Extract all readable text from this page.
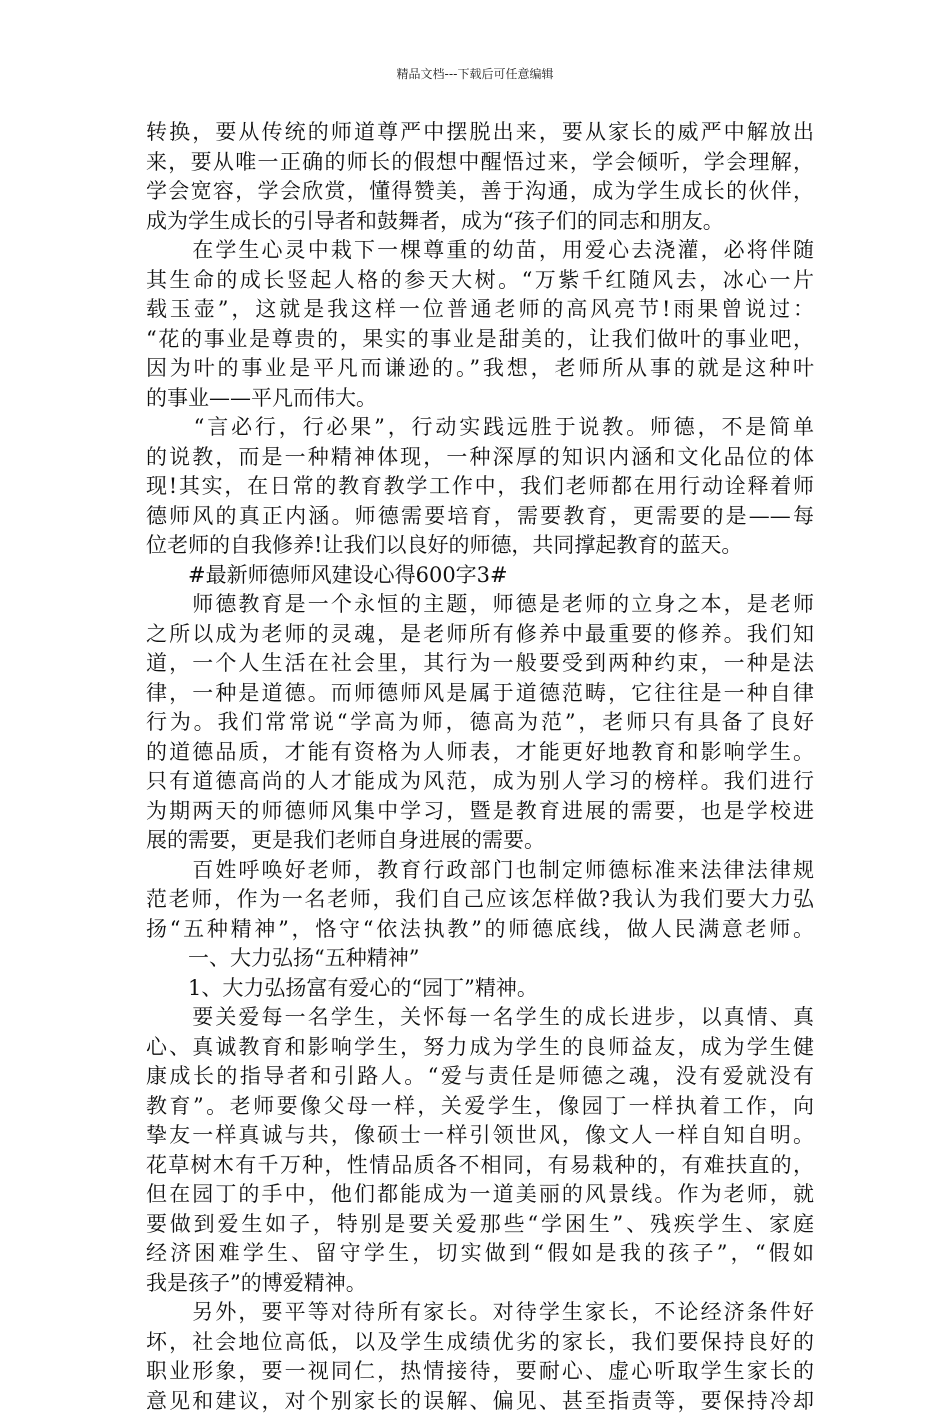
精品文档---下载后可任意编辑
转换，要从传统的师道尊严中摆脱出来，要从家长的威严中解放出
来，要从唯一正确的师长的假想中醒悟过来，学会倾听，学会理解，
学会宽容，学会欣赏，懂得赞美，善于沟通，成为学生成长的伙伴，
成为学生成长的引导者和鼓舞者，成为“孩子们的同志和朋友。
　　在学生心灵中栽下一棵尊重的幼苗，用爱心去浇灌，必将伴随
其生命的成长竖起人格的参天大树。“万紫千红随风去，冰心一片
载玉壶”，这就是我这样一位普通老师的高风亮节!雨果曾说过：
“花的事业是尊贵的，果实的事业是甜美的，让我们做叶的事业吧，
因为叶的事业是平凡而谦逊的。”我想，老师所从事的就是这种叶
的事业——平凡而伟大。
　　“言必行，行必果”，行动实践远胜于说教。师德，不是简单
的说教，而是一种精神体现，一种深厚的知识内涵和文化品位的体
现!其实，在日常的教育教学工作中，我们老师都在用行动诠释着师
德师风的真正内涵。师德需要培育，需要教育，更需要的是——每
位老师的自我修养!让我们以良好的师德，共同撑起教育的蓝天。
　　#最新师德师风建设心得600字3#
　　师德教育是一个永恒的主题，师德是老师的立身之本，是老师
之所以成为老师的灵魂，是老师所有修养中最重要的修养。我们知
道，一个人生活在社会里，其行为一般要受到两种约束，一种是法
律，一种是道德。而师德师风是属于道德范畴，它往往是一种自律
行为。我们常常说“学高为师，德高为范”，老师只有具备了良好
的道德品质，才能有资格为人师表，才能更好地教育和影响学生。
只有道德高尚的人才能成为风范，成为别人学习的榜样。我们进行
为期两天的师德师风集中学习，暨是教育进展的需要，也是学校进
展的需要，更是我们老师自身进展的需要。
　　百姓呼唤好老师，教育行政部门也制定师德标准来法律法律规
范老师，作为一名老师，我们自己应该怎样做?我认为我们要大力弘
扬“五种精神”，恪守“依法执教”的师德底线，做人民满意老师。
　　一、大力弘扬“五种精神”
　　1、大力弘扬富有爱心的“园丁”精神。
　　要关爱每一名学生，关怀每一名学生的成长进步，以真情、真
心、真诚教育和影响学生，努力成为学生的良师益友，成为学生健
康成长的指导者和引路人。“爱与责任是师德之魂，没有爱就没有
教育”。老师要像父母一样，关爱学生，像园丁一样执着工作，向
挚友一样真诚与共，像硕士一样引领世风，像文人一样自知自明。
花草树木有千万种，性情品质各不相同，有易栽种的，有难扶直的，
但在园丁的手中，他们都能成为一道美丽的风景线。作为老师，就
要做到爱生如子，特别是要关爱那些“学困生”、残疾学生、家庭
经济困难学生、留守学生，切实做到“假如是我的孩子”，“假如
我是孩子”的博爱精神。
　　另外，要平等对待所有家长。对待学生家长，不论经济条件好
坏，社会地位高低，以及学生成绩优劣的家长，我们要保持良好的
职业形象，要一视同仁，热情接待，要耐心、虚心听取学生家长的
意见和建议，对个别家长的误解、偏见、甚至指责等，要保持冷却
